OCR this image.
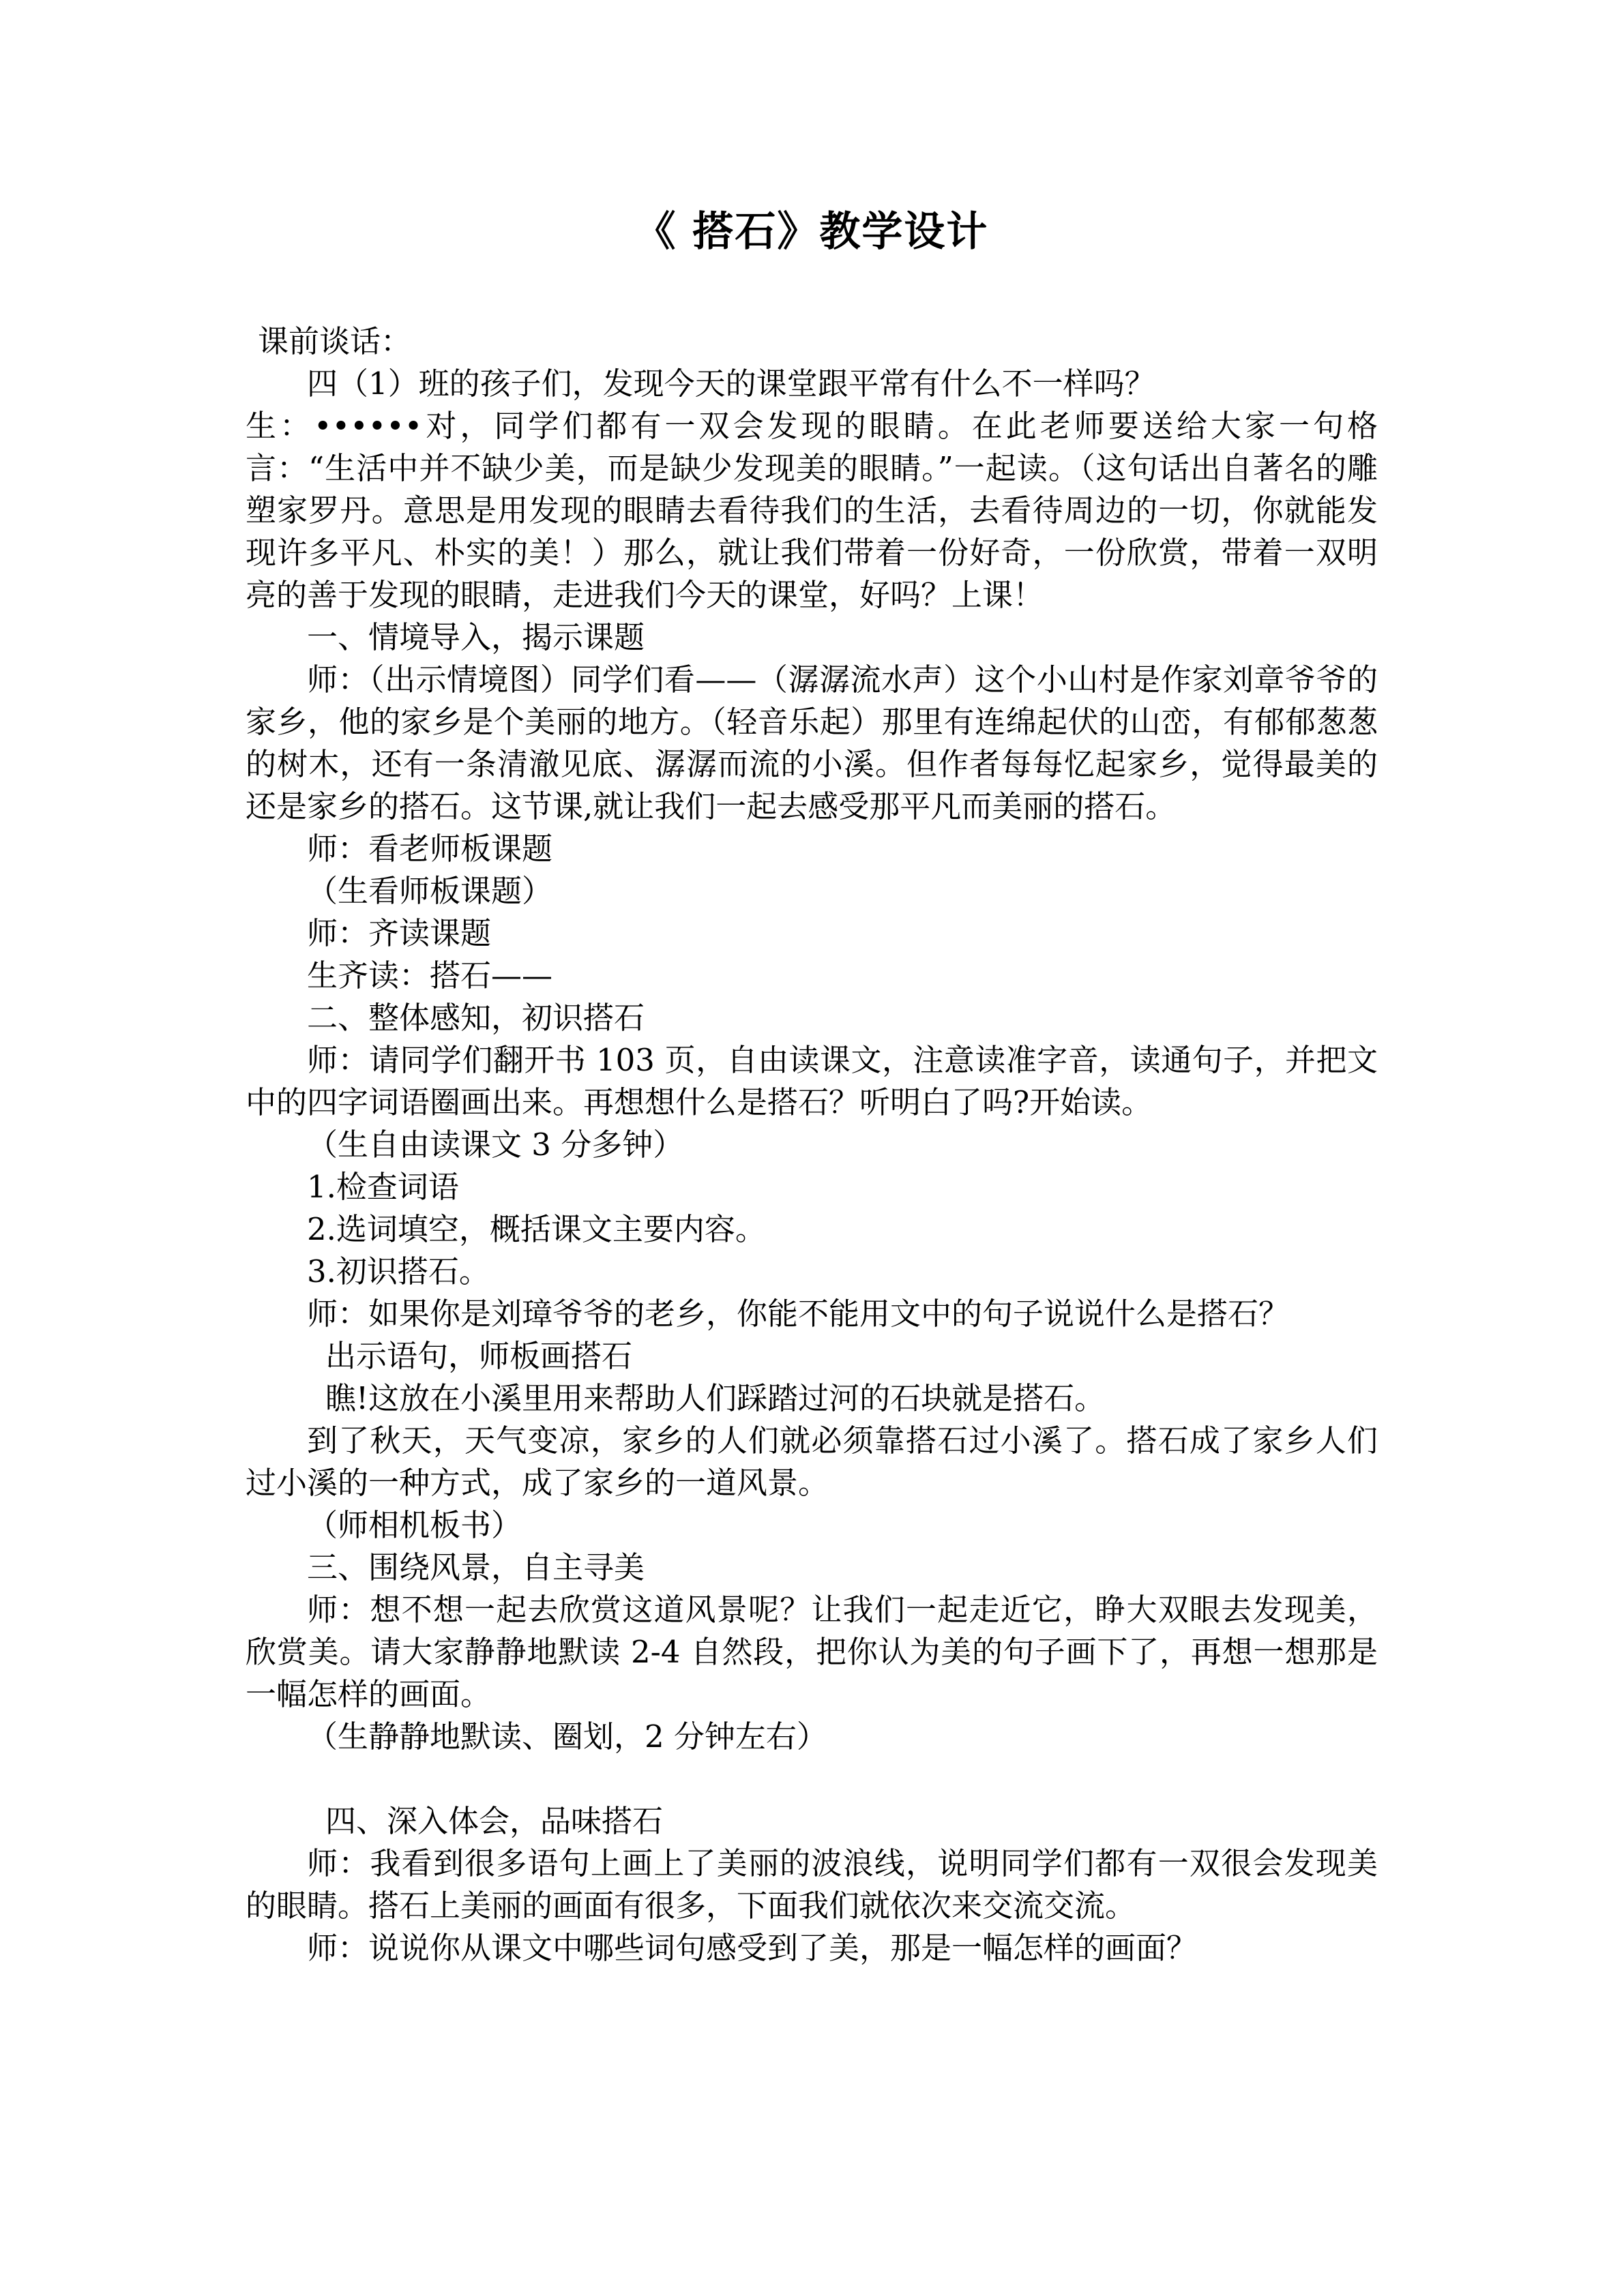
《 搭石》教学设计

课前谈话：

四（1）班的孩子们，发现今天的课堂跟平常有什么不一样吗？

生：••••••对，同学们都有一双会发现的眼睛。在此老师要送给大家一句格言：“生活中并不缺少美，而是缺少发现美的眼睛。”一起读。（这句话出自著名的雕塑家罗丹。意思是用发现的眼睛去看待我们的生活，去看待周边的一切，你就能发现许多平凡、朴实的美！）那么，就让我们带着一份好奇，一份欣赏，带着一双明亮的善于发现的眼睛，走进我们今天的课堂，好吗？上课！

一、情境导入，揭示课题

师：（出示情境图）同学们看——（潺潺流水声）这个小山村是作家刘章爷爷的家乡，他的家乡是个美丽的地方。（轻音乐起）那里有连绵起伏的山峦，有郁郁葱葱的树木，还有一条清澈见底、潺潺而流的小溪。但作者每每忆起家乡，觉得最美的还是家乡的搭石。这节课,就让我们一起去感受那平凡而美丽的搭石。

师：看老师板课题

（生看师板课题）

师：齐读课题

生齐读：搭石——

二、整体感知，初识搭石

师：请同学们翻开书 103 页，自由读课文，注意读准字音，读通句子，并把文中的四字词语圈画出来。再想想什么是搭石？听明白了吗?开始读。

（生自由读课文 3 分多钟）

1.检查词语

2.选词填空，概括课文主要内容。

3.初识搭石。

师：如果你是刘璋爷爷的老乡，你能不能用文中的句子说说什么是搭石？

出示语句，师板画搭石

瞧!这放在小溪里用来帮助人们踩踏过河的石块就是搭石。

到了秋天，天气变凉，家乡的人们就必须靠搭石过小溪了。搭石成了家乡人们过小溪的一种方式，成了家乡的一道风景。

（师相机板书）

三、围绕风景，自主寻美

师：想不想一起去欣赏这道风景呢？让我们一起走近它，睁大双眼去发现美，欣赏美。请大家静静地默读 2-4 自然段，把你认为美的句子画下了，再想一想那是一幅怎样的画面。

（生静静地默读、圈划，2 分钟左右）

四、深入体会，品味搭石

师：我看到很多语句上画上了美丽的波浪线，说明同学们都有一双很会发现美的眼睛。搭石上美丽的画面有很多，下面我们就依次来交流交流。

师：说说你从课文中哪些词句感受到了美，那是一幅怎样的画面？
